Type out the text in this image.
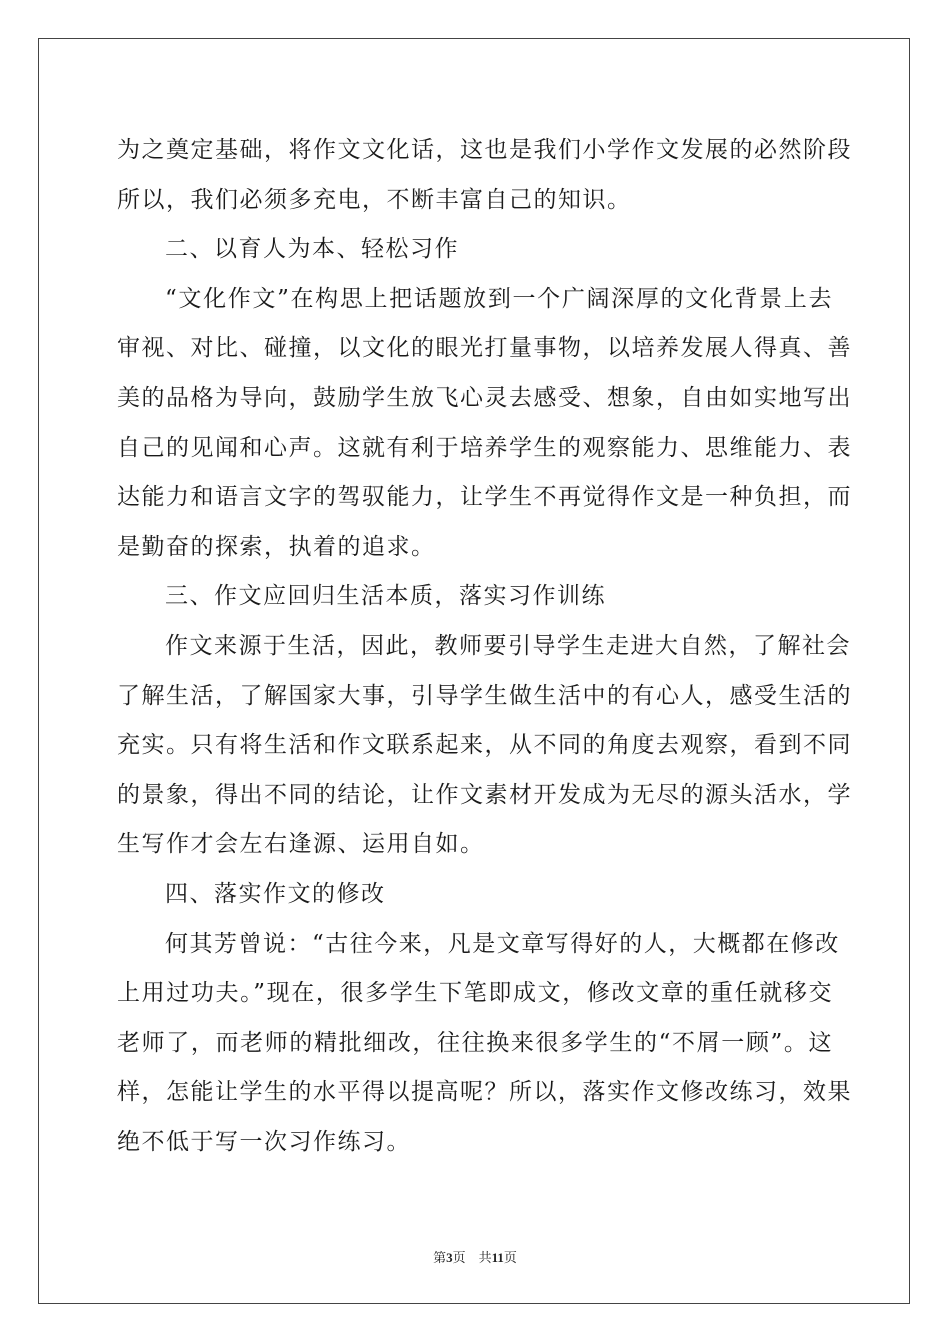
为之奠定基础，将作文文化话，这也是我们小学作文发展的必然阶段
所以，我们必须多充电，不断丰富自己的知识。
二、以育人为本、轻松习作
“文化作文”在构思上把话题放到一个广阔深厚的文化背景上去
审视、对比、碰撞，以文化的眼光打量事物，以培养发展人得真、善
美的品格为导向，鼓励学生放飞心灵去感受、想象，自由如实地写出
自己的见闻和心声。这就有利于培养学生的观察能力、思维能力、表
达能力和语言文字的驾驭能力，让学生不再觉得作文是一种负担，而
是勤奋的探索，执着的追求。
三、作文应回归生活本质，落实习作训练
作文来源于生活，因此，教师要引导学生走进大自然，了解社会
了解生活，了解国家大事，引导学生做生活中的有心人，感受生活的
充实。只有将生活和作文联系起来，从不同的角度去观察，看到不同
的景象，得出不同的结论，让作文素材开发成为无尽的源头活水，学
生写作才会左右逢源、运用自如。
四、落实作文的修改
何其芳曾说：“古往今来，凡是文章写得好的人，大概都在修改
上用过功夫。”现在，很多学生下笔即成文，修改文章的重任就移交
老师了，而老师的精批细改，往往换来很多学生的“不屑一顾”。这
样，怎能让学生的水平得以提高呢？所以，落实作文修改练习，效果
绝不低于写一次习作练习。
第3页 共11页
